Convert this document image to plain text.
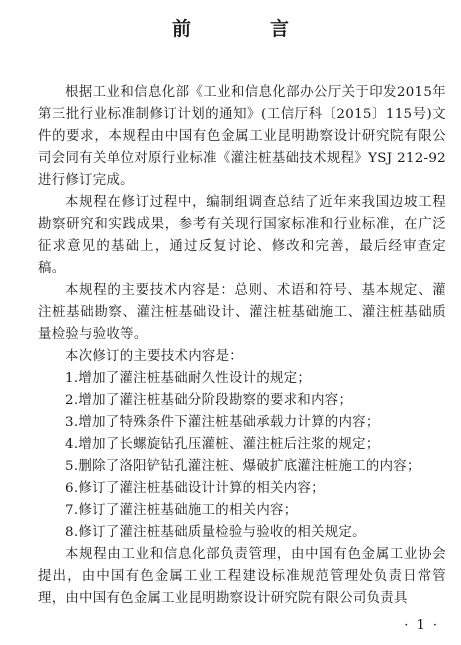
前　言

根据工业和信息化部《工业和信息化部办公厅关于印发2015年第三批行业标准制修订计划的通知》(工信厅科〔2015〕115号)文件的要求，本规程由中国有色金属工业昆明勘察设计研究院有限公司会同有关单位对原行业标准《灌注桩基础技术规程》YSJ 212-92进行修订完成。

本规程在修订过程中，编制组调查总结了近年来我国边坡工程勘察研究和实践成果，参考有关现行国家标准和行业标准，在广泛征求意见的基础上，通过反复讨论、修改和完善，最后经审查定稿。

本规程的主要技术内容是：总则、术语和符号、基本规定、灌注桩基础勘察、灌注桩基础设计、灌注桩基础施工、灌注桩基础质量检验与验收等。

本次修订的主要技术内容是：

1.增加了灌注桩基础耐久性设计的规定；
2.增加了灌注桩基础分阶段勘察的要求和内容；
3.增加了特殊条件下灌注桩基础承载力计算的内容；
4.增加了长螺旋钻孔压灌桩、灌注桩后注浆的规定；
5.删除了洛阳铲钻孔灌注桩、爆破扩底灌注桩施工的内容；
6.修订了灌注桩基础设计计算的相关内容；
7.修订了灌注桩基础施工的相关内容；
8.修订了灌注桩基础质量检验与验收的相关规定。

本规程由工业和信息化部负责管理，由中国有色金属工业协会提出，由中国有色金属工业工程建设标准规范管理处负责日常管理，由中国有色金属工业昆明勘察设计研究院有限公司负责具

· 1 ·
